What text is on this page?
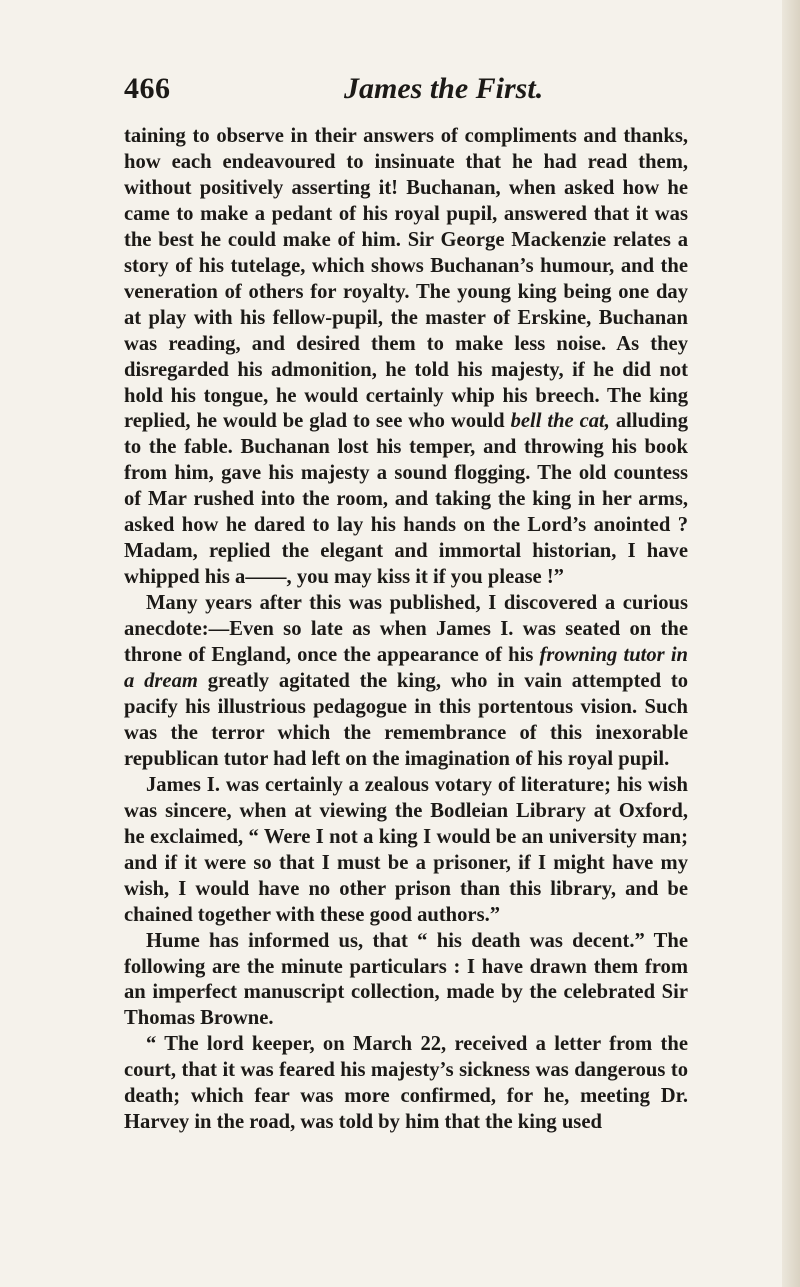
466	James the First.

taining to observe in their answers of compliments and thanks, how each endeavoured to insinuate that he had read them, without positively asserting it! Buchanan, when asked how he came to make a pedant of his royal pupil, answered that it was the best he could make of him. Sir George Mackenzie relates a story of his tutelage, which shows Buchanan’s humour, and the veneration of others for royalty. The young king being one day at play with his fellow-pupil, the master of Erskine, Buchanan was reading, and desired them to make less noise. As they disregarded his admonition, he told his majesty, if he did not hold his tongue, he would certainly whip his breech. The king replied, he would be glad to see who would bell the cat, alluding to the fable. Buchanan lost his temper, and throwing his book from him, gave his majesty a sound flogging. The old countess of Mar rushed into the room, and taking the king in her arms, asked how he dared to lay his hands on the Lord’s anointed ? Madam, replied the elegant and immortal historian, I have whipped his a——, you may kiss it if you please !”

Many years after this was published, I discovered a curious anecdote:—Even so late as when James I. was seated on the throne of England, once the appearance of his frowning tutor in a dream greatly agitated the king, who in vain attempted to pacify his illustrious pedagogue in this portentous vision. Such was the terror which the remembrance of this inexorable republican tutor had left on the imagination of his royal pupil.

James I. was certainly a zealous votary of literature; his wish was sincere, when at viewing the Bodleian Library at Oxford, he exclaimed, “ Were I not a king I would be an university man; and if it were so that I must be a prisoner, if I might have my wish, I would have no other prison than this library, and be chained together with these good authors.”

Hume has informed us, that “ his death was decent.” The following are the minute particulars : I have drawn them from an imperfect manuscript collection, made by the celebrated Sir Thomas Browne.

“ The lord keeper, on March 22, received a letter from the court, that it was feared his majesty’s sickness was dangerous to death; which fear was more confirmed, for he, meeting Dr. Harvey in the road, was told by him that the king used
